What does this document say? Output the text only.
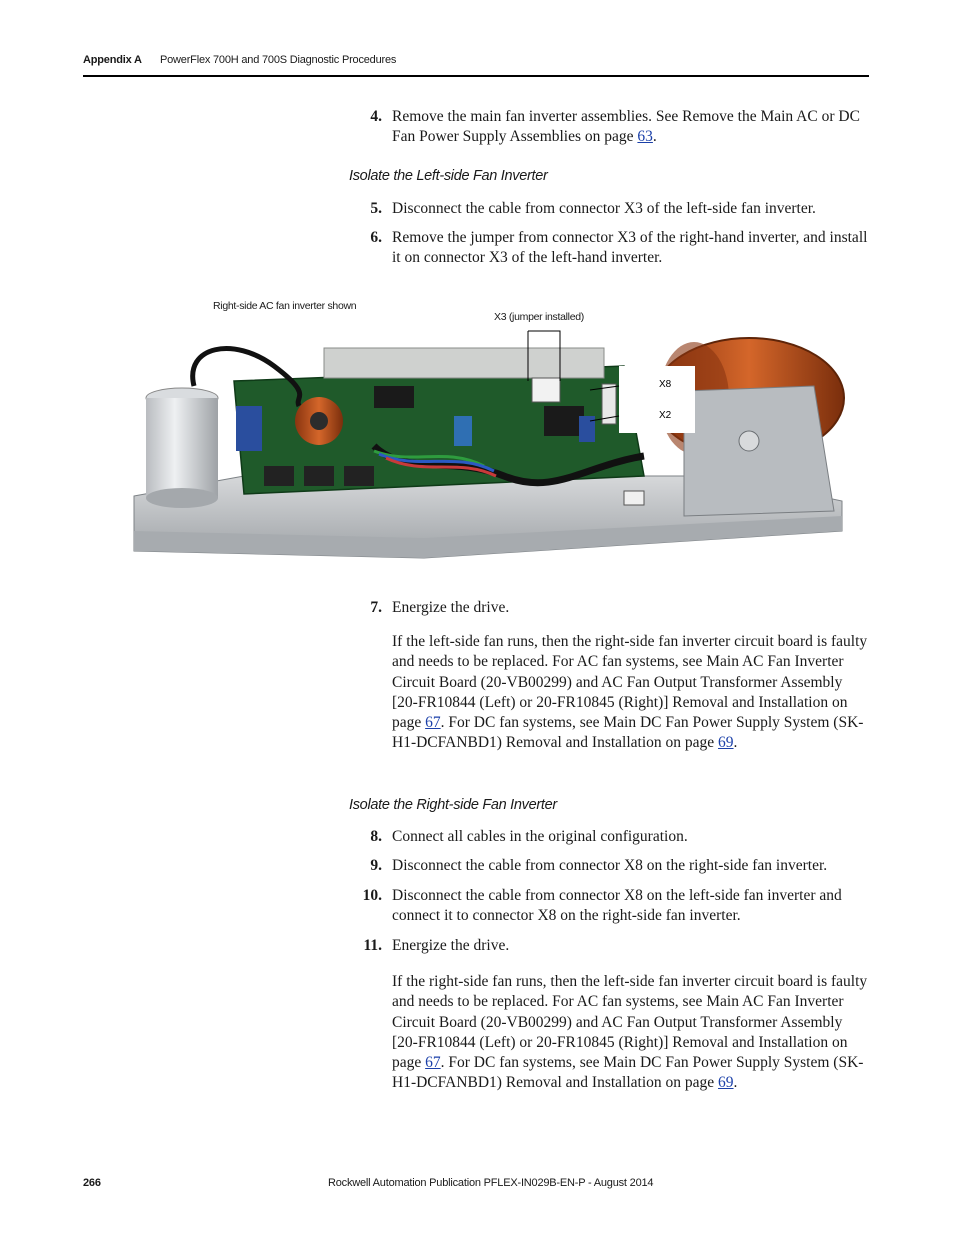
Appendix A PowerFlex 700H and 700S Diagnostic Procedures
4. Remove the main fan inverter assemblies. See Remove the Main AC or DC Fan Power Supply Assemblies on page 63.
Isolate the Left-side Fan Inverter
5. Disconnect the cable from connector X3 of the left-side fan inverter.
6. Remove the jumper from connector X3 of the right-hand inverter, and install it on connector X3 of the left-hand inverter.
Right-side AC fan inverter shown
X3 (jumper installed)
X8
X2
7. Energize the drive.
If the left-side fan runs, then the right-side fan inverter circuit board is faulty and needs to be replaced. For AC fan systems, see Main AC Fan Inverter Circuit Board (20-VB00299) and AC Fan Output Transformer Assembly [20-FR10844 (Left) or 20-FR10845 (Right)] Removal and Installation on page 67. For DC fan systems, see Main DC Fan Power Supply System (SK-H1-DCFANBD1) Removal and Installation on page 69.
Isolate the Right-side Fan Inverter
8. Connect all cables in the original configuration.
9. Disconnect the cable from connector X8 on the right-side fan inverter.
10. Disconnect the cable from connector X8 on the left-side fan inverter and connect it to connector X8 on the right-side fan inverter.
11. Energize the drive.
If the right-side fan runs, then the left-side fan inverter circuit board is faulty and needs to be replaced. For AC fan systems, see Main AC Fan Inverter Circuit Board (20-VB00299) and AC Fan Output Transformer Assembly [20-FR10844 (Left) or 20-FR10845 (Right)] Removal and Installation on page 67. For DC fan systems, see Main DC Fan Power Supply System (SK-H1-DCFANBD1) Removal and Installation on page 69.
266	Rockwell Automation Publication PFLEX-IN029B-EN-P - August 2014
